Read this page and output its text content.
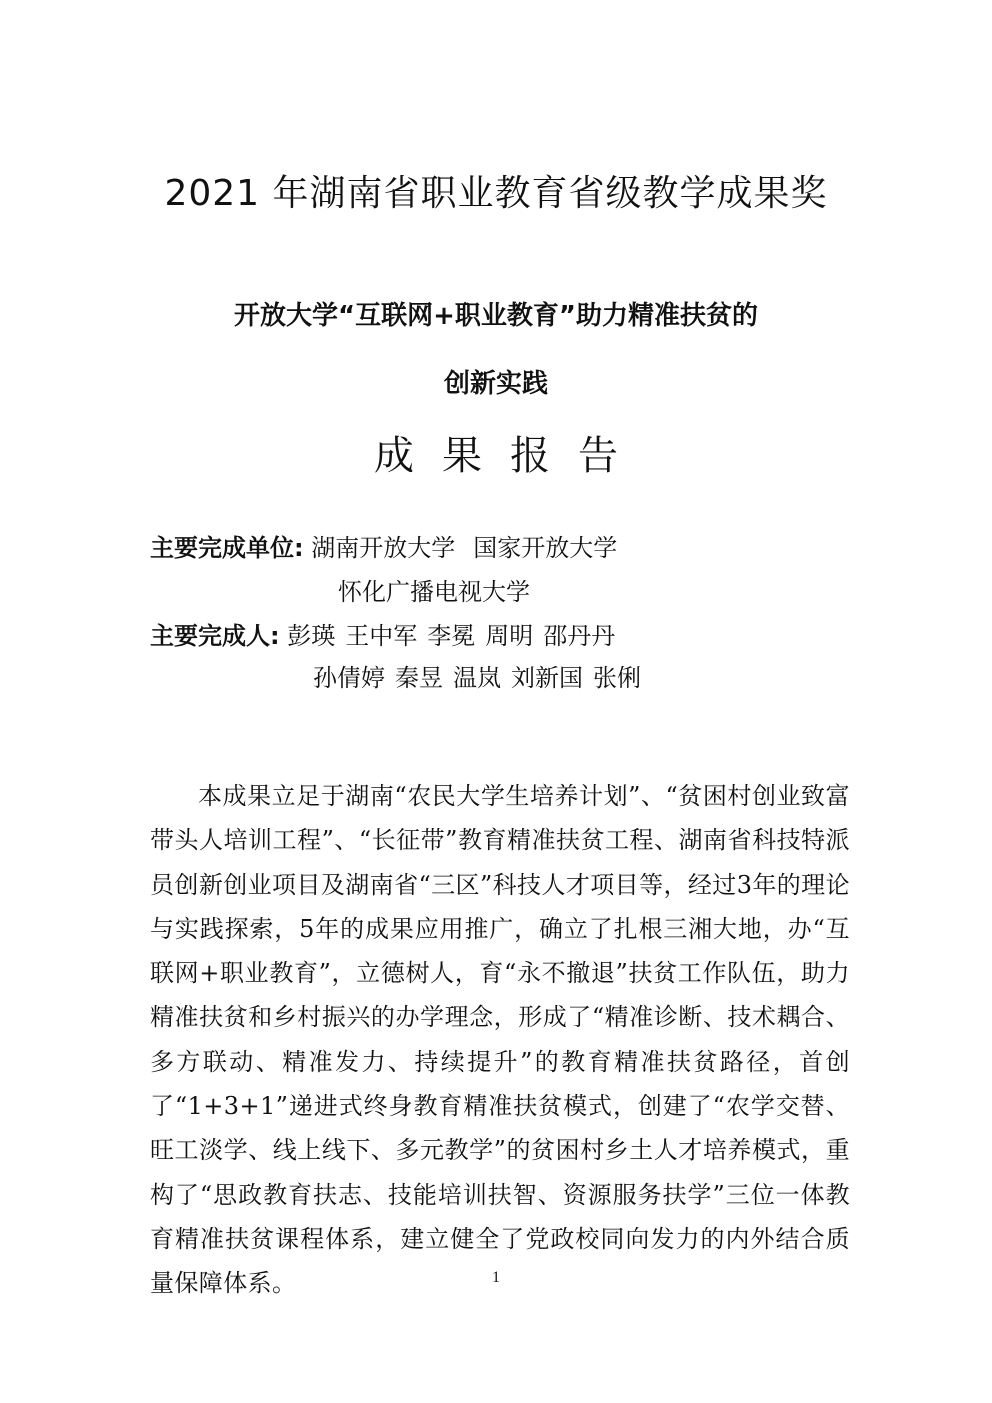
2021 年湖南省职业教育省级教学成果奖
开放大学“互联网+职业教育”助力精准扶贫的
创新实践
成果报告
主要完成单位: 湖南开放大学 国家开放大学
怀化广播电视大学
主要完成人: 彭瑛 王中军 李冕 周明 邵丹丹
孙倩婷 秦昱 温岚 刘新国 张俐

本成果立足于湖南“农民大学生培养计划”、“贫困村创业致富带头人培训工程”、“长征带”教育精准扶贫工程、湖南省科技特派员创新创业项目及湖南省“三区”科技人才项目等，经过3年的理论与实践探索，5年的成果应用推广，确立了扎根三湘大地，办“互联网+职业教育”，立德树人，育“永不撤退”扶贫工作队伍，助力精准扶贫和乡村振兴的办学理念，形成了“精准诊断、技术耦合、多方联动、精准发力、持续提升”的教育精准扶贫路径，首创了“1+3+1”递进式终身教育精准扶贫模式，创建了“农学交替、旺工淡学、线上线下、多元教学”的贫困村乡土人才培养模式，重构了“思政教育扶志、技能培训扶智、资源服务扶学”三位一体教育精准扶贫课程体系，建立健全了党政校同向发力的内外结合质量保障体系。	1
